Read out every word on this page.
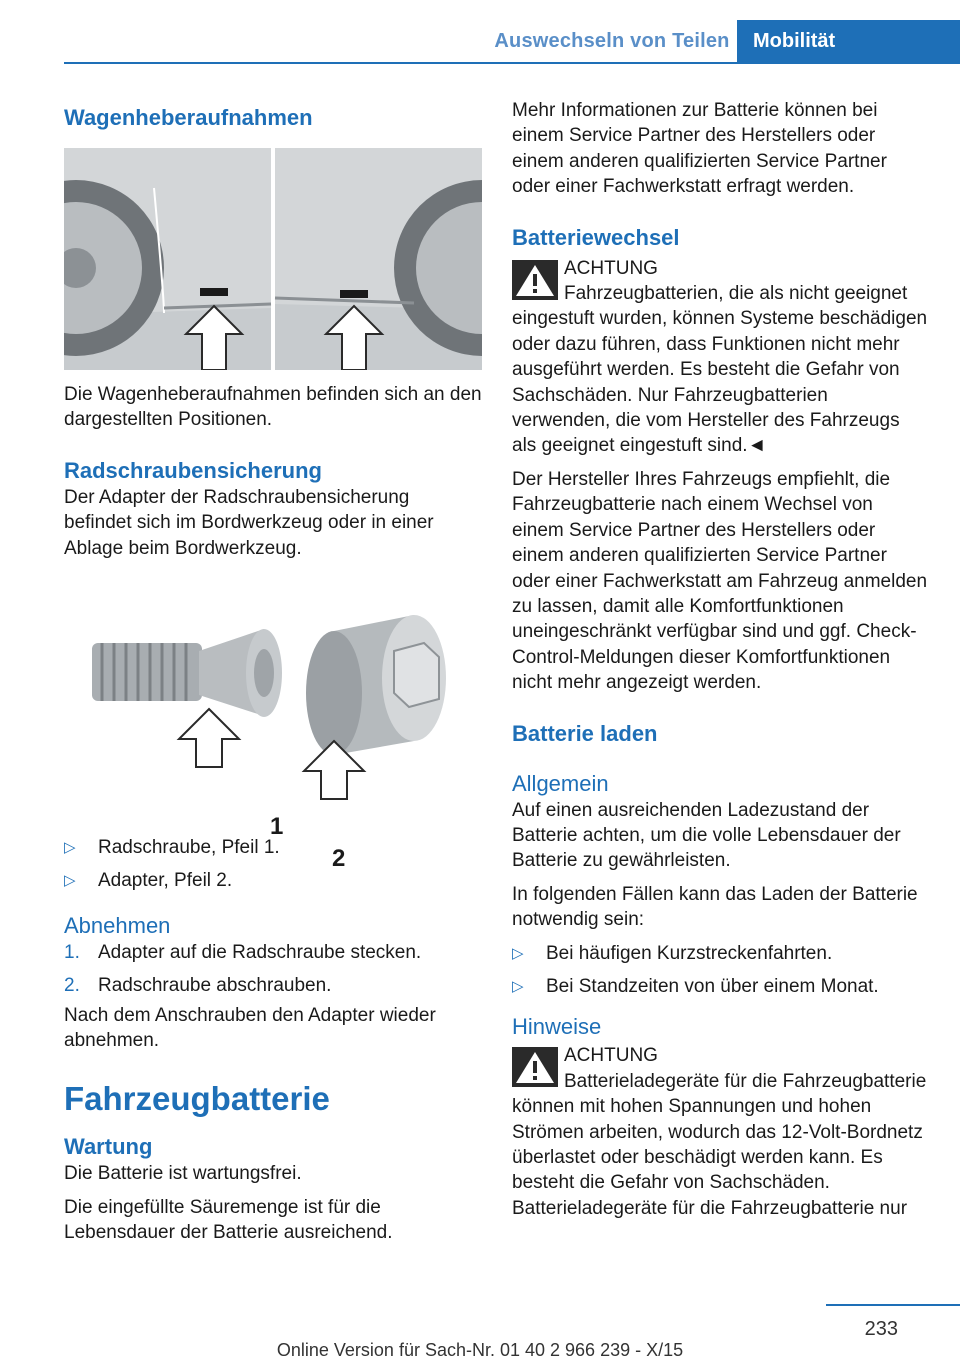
Auswechseln von Teilen	Mobilität
Wagenheberaufnahmen

Die Wagenheberaufnahmen befinden sich an den dargestellten Positionen.

Radschraubensicherung

Der Adapter der Radschraubensicherung befindet sich im Bordwerkzeug oder in einer Ablage beim Bordwerkzeug.

1
2
▷ Radschraube, Pfeil 1.
▷ Adapter, Pfeil 2.
Abnehmen
1. Adapter auf die Radschraube stecken.
2. Radschraube abschrauben.

Nach dem Anschrauben den Adapter wieder abnehmen.

Fahrzeugbatterie
Wartung

Die Batterie ist wartungsfrei.

Die eingefüllte Säuremenge ist für die Lebensdauer der Batterie ausreichend.

Mehr Informationen zur Batterie können bei einem Service Partner des Herstellers oder einem anderen qualifizierten Service Partner oder einer Fachwerkstatt erfragt werden.

Batteriewechsel
ACHTUNG
Fahrzeugbatterien, die als nicht geeignet eingestuft wurden, können Systeme beschädigen oder dazu führen, dass Funktionen nicht mehr ausgeführt werden. Es besteht die Gefahr von Sachschäden. Nur Fahrzeugbatterien verwenden, die vom Hersteller des Fahrzeugs als geeignet eingestuft sind.◄

Der Hersteller Ihres Fahrzeugs empfiehlt, die Fahrzeugbatterie nach einem Wechsel von einem Service Partner des Herstellers oder einem anderen qualifizierten Service Partner oder einer Fachwerkstatt am Fahrzeug anmelden zu lassen, damit alle Komfortfunktionen uneingeschränkt verfügbar sind und ggf. Check-Control-Meldungen dieser Komfortfunktionen nicht mehr angezeigt werden.

Batterie laden
Allgemein

Auf einen ausreichenden Ladezustand der Batterie achten, um die volle Lebensdauer der Batterie zu gewährleisten.

In folgenden Fällen kann das Laden der Batterie notwendig sein:

▷ Bei häufigen Kurzstreckenfahrten.
▷ Bei Standzeiten von über einem Monat.
Hinweise
ACHTUNG
Batterieladegeräte für die Fahrzeugbatterie können mit hohen Spannungen und hohen Strömen arbeiten, wodurch das 12-Volt-Bordnetz überlastet oder beschädigt werden kann. Es besteht die Gefahr von Sachschäden. Batterieladegeräte für die Fahrzeugbatterie nur
233
Online Version für Sach-Nr. 01 40 2 966 239 - X/15
